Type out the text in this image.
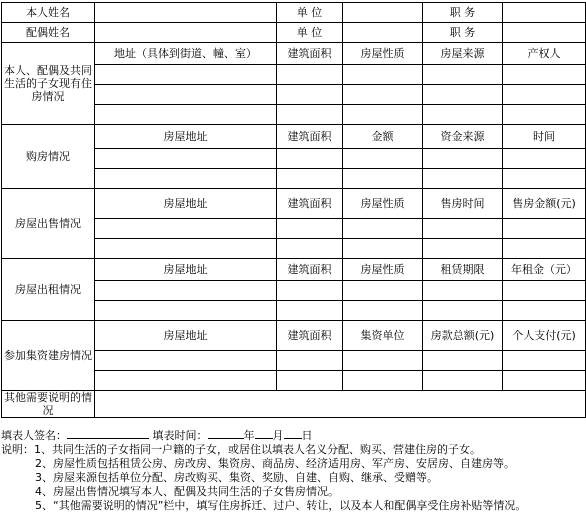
本人姓名		单 位		职 务	
配偶姓名		单 位		职 务	
本人、配偶及共同生活的子女现有住房情况	地址（具体到街道、幢、室）	建筑面积	房屋性质	房屋来源	产权人

购房情况	房屋地址	建筑面积	金额	资金来源	时间

房屋出售情况	房屋地址	建筑面积	房屋性质	售房时间	售房金额(元)

房屋出租情况	房屋地址	建筑面积	房屋性质	租赁期限	年租金（元）

参加集资建房情况	房屋地址	建筑面积	集资单位	房款总额(元)	个人支付(元)

其他需要说明的情况					
填表人签名：	填表时间：	年 月 日
说明：1、共同生活的子女指同一户籍的子女，或居住以填表人名义分配、购买、营建住房的子女。
2、房屋性质包括租赁公房、房改房、集资房、商品房、经济适用房、军产房、安居房、自建房等。
3、房屋来源包括单位分配、房改购买、集资、奖励、自建、自购、继承、受赠等。
4、房屋出售情况填写本人、配偶及共同生活的子女售房情况。
5、“其他需要说明的情况”栏中，填写住房拆迁、过户、转让，以及本人和配偶享受住房补贴等情况。
